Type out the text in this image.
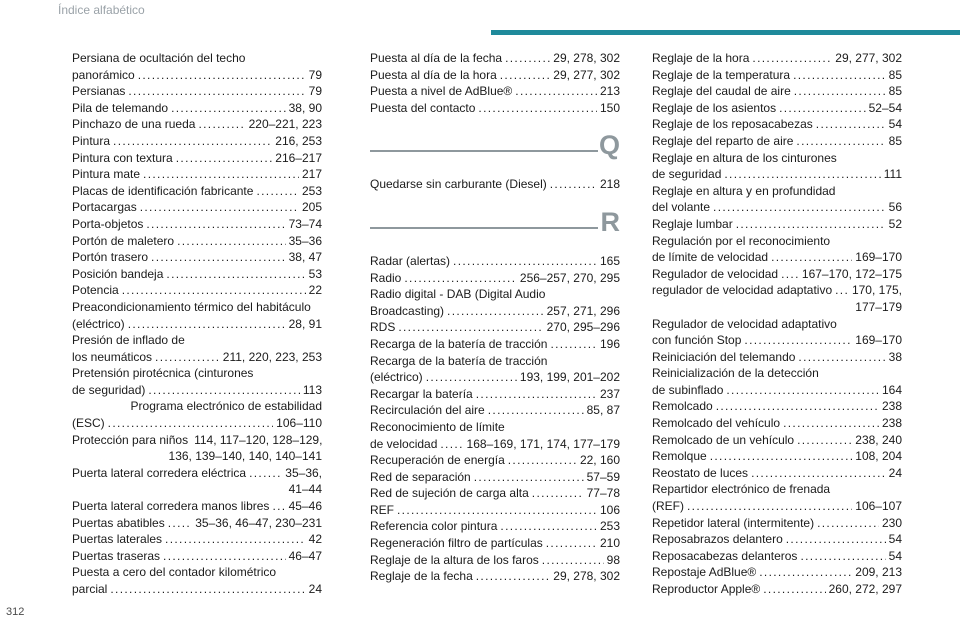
Índice alfabético
Persiana de ocultación del techo
panorámico . . .	79
Persianas . . .	79
Pila de telemando . . .	38, 90
Pinchazo de una rueda . . .	220–221, 223
Pintura . . .	216, 253
Pintura con textura . . .	216–217
Pintura mate . . .	217
Placas de identificación fabricante . . .	253
Portacargas . . .	205
Porta-objetos . . .	73–74
Portón de maletero . . .	35–36
Portón trasero . . .	38, 47
Posición bandeja . . .	53
Potencia . . .	22
Preacondicionamiento térmico del habitáculo
(eléctrico) . . .	28, 91
Presión de inflado de
los neumáticos . . .	211, 220, 223, 253
Pretensión pirotécnica (cinturones
de seguridad) . . .	113
Programa electrónico de estabilidad
(ESC) . . .	106–110
Protección para niños 114, 117–120, 128–129,
136, 139–140, 140, 140–141
Puerta lateral corredera eléctrica . . .	35–36,
41–44
Puerta lateral corredera manos libres . . . 45–46
Puertas abatibles . . .	35–36, 46–47, 230–231
Puertas laterales . . .	42
Puertas traseras . . .	46–47
Puesta a cero del contador kilométrico
parcial . . .	24
Puesta al día de la fecha . . .	29, 278, 302
Puesta al día de la hora . . .	29, 277, 302
Puesta a nivel de AdBlue® . . .	213
Puesta del contacto . . .	150
Q
Quedarse sin carburante (Diesel) . . .	218
R
Radar (alertas) . . .	165
Radio . . .	256–257, 270, 295
Radio digital - DAB (Digital Audio
Broadcasting) . . .	257, 271, 296
RDS . . .	270, 295–296
Recarga de la batería de tracción . . .	196
Recarga de la batería de tracción
(eléctrico) . . .	193, 199, 201–202
Recargar la batería . . .	237
Recirculación del aire . . .	85, 87
Reconocimiento de límite
de velocidad . . . 168–169, 171, 174, 177–179
Recuperación de energía . . .	22, 160
Red de separación . . .	57–59
Red de sujeción de carga alta . . .	77–78
REF . . .	106
Referencia color pintura . . .	253
Regeneración filtro de partículas . . .	210
Reglaje de la altura de los faros . . .	98
Reglaje de la fecha . . .	29, 278, 302
Reglaje de la hora . . .	29, 277, 302
Reglaje de la temperatura . . .	85
Reglaje del caudal de aire . . .	85
Reglaje de los asientos . . .	52–54
Reglaje de los reposacabezas . . .	54
Reglaje del reparto de aire . . .	85
Reglaje en altura de los cinturones
de seguridad . . .	111
Reglaje en altura y en profundidad
del volante . . .	56
Reglaje lumbar . . .	52
Regulación por el reconocimiento
de límite de velocidad . . .	169–170
Regulador de velocidad . . . 167–170, 172–175
regulador de velocidad adaptativo . . . 170, 175,
177–179
Regulador de velocidad adaptativo
con función Stop . . .	169–170
Reiniciación del telemando . . .	38
Reinicialización de la detección
de subinflado . . .	164
Remolcado . . .	238
Remolcado del vehículo . . .	238
Remolcado de un vehículo . . .	238, 240
Remolque . . .	108, 204
Reostato de luces . . .	24
Repartidor electrónico de frenada
(REF) . . .	106–107
Repetidor lateral (intermitente) . . .	230
Reposabrazos delantero . . .	54
Reposacabezas delanteros . . .	54
Repostaje AdBlue® . . .	209, 213
Reproductor Apple® . . .	260, 272, 297
312
